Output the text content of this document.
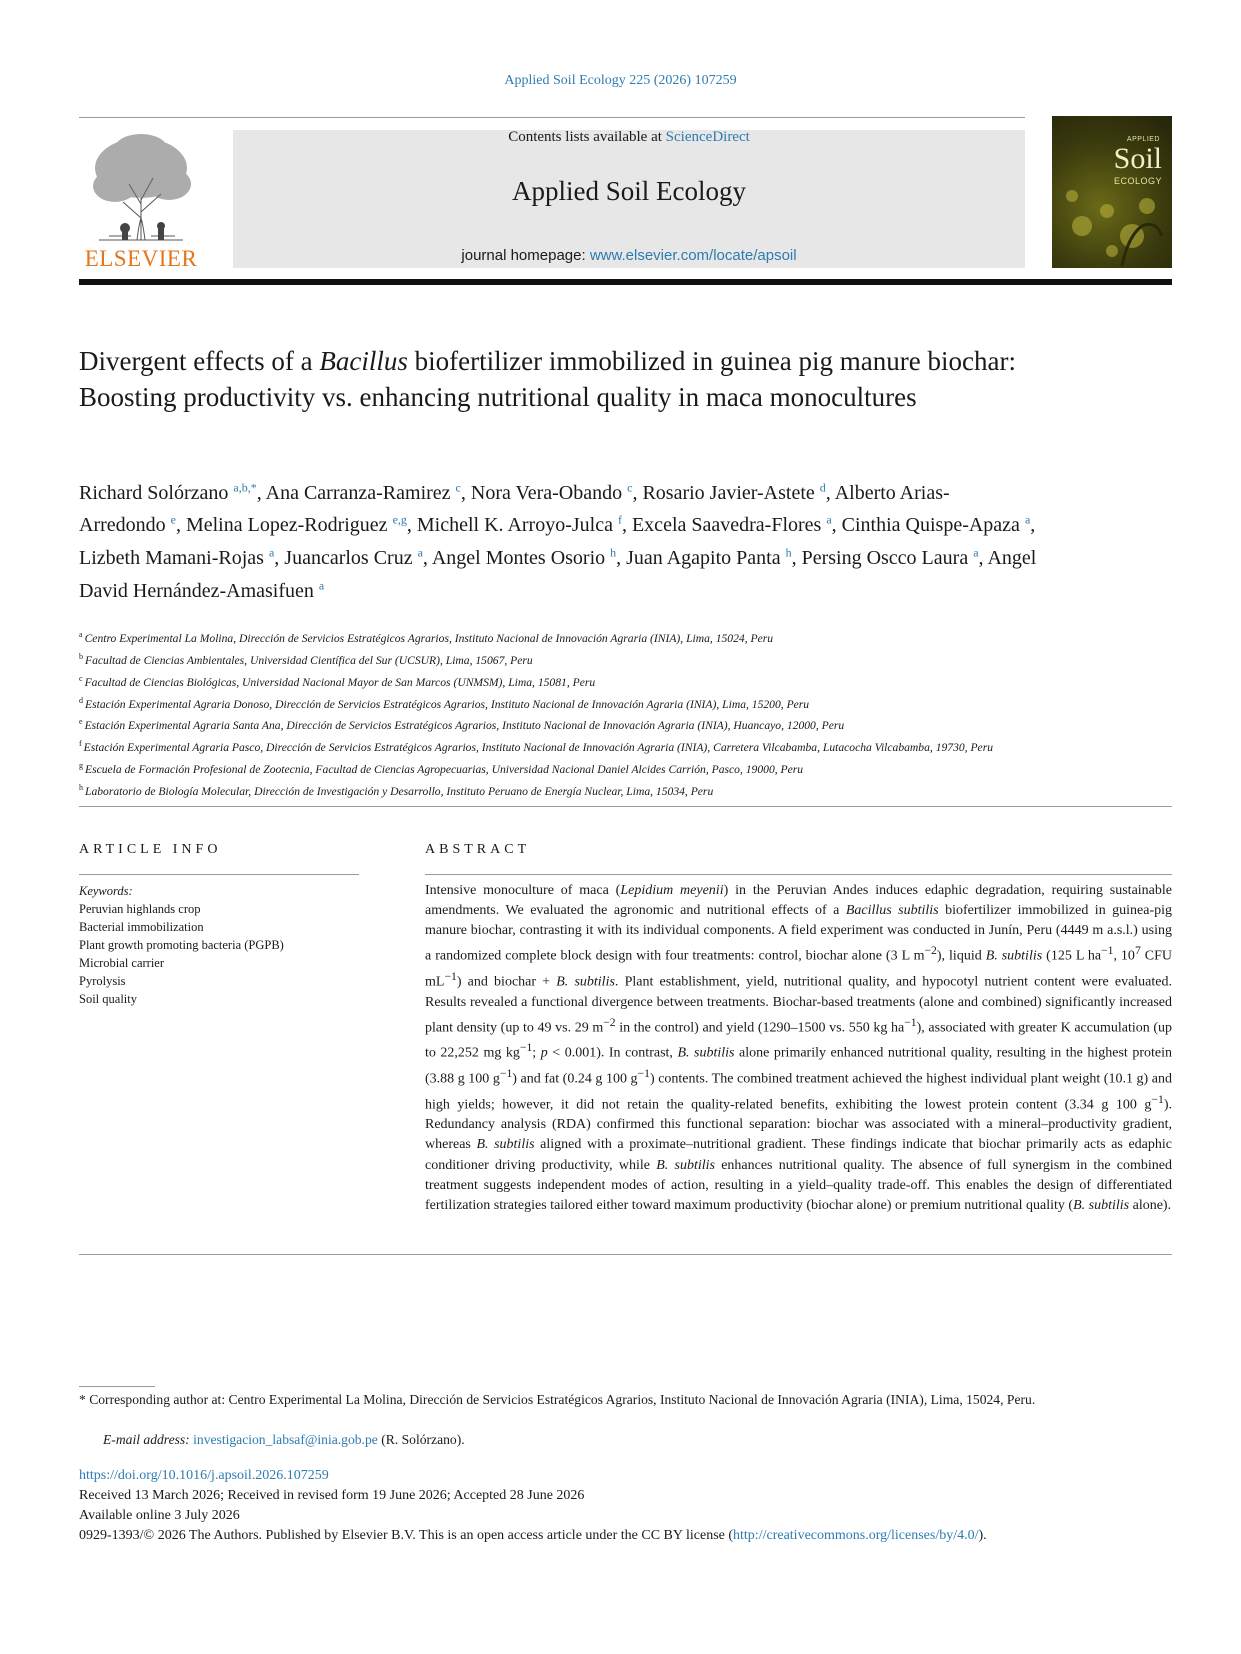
Applied Soil Ecology 225 (2026) 107259
ELSEVIER
Contents lists available at ScienceDirect
Applied Soil Ecology
journal homepage: www.elsevier.com/locate/apsoil
APPLIED
Soil
ECOLOGY
Divergent effects of a Bacillus biofertilizer immobilized in guinea pig manure biochar: Boosting productivity vs. enhancing nutritional quality in maca monocultures
Richard Solórzano $^{a,b,*}$, Ana Carranza-Ramirez $^c$, Nora Vera-Obando $^c$, Rosario Javier-Astete $^d$, Alberto Arias-Arredondo $^e$, Melina Lopez-Rodriguez $^{e,g}$, Michell K. Arroyo-Julca $^f$, Excela Saavedra-Flores $^a$, Cinthia Quispe-Apaza $^a$, Lizbeth Mamani-Rojas $^a$, Juancarlos Cruz $^a$, Angel Montes Osorio $^h$, Juan Agapito Panta $^h$, Persing Oscco Laura $^a$, Angel David Hernández-Amasifuen $^a$
$^a$ Centro Experimental La Molina, Dirección de Servicios Estratégicos Agrarios, Instituto Nacional de Innovación Agraria (INIA), Lima, 15024, Peru
$^b$ Facultad de Ciencias Ambientales, Universidad Científica del Sur (UCSUR), Lima, 15067, Peru
$^c$ Facultad de Ciencias Biológicas, Universidad Nacional Mayor de San Marcos (UNMSM), Lima, 15081, Peru
$^d$ Estación Experimental Agraria Donoso, Dirección de Servicios Estratégicos Agrarios, Instituto Nacional de Innovación Agraria (INIA), Lima, 15200, Peru
$^e$ Estación Experimental Agraria Santa Ana, Dirección de Servicios Estratégicos Agrarios, Instituto Nacional de Innovación Agraria (INIA), Huancayo, 12000, Peru
$^f$ Estación Experimental Agraria Pasco, Dirección de Servicios Estratégicos Agrarios, Instituto Nacional de Innovación Agraria (INIA), Carretera Vilcabamba, Lutacocha Vilcabamba, 19730, Peru
$^g$ Escuela de Formación Profesional de Zootecnia, Facultad de Ciencias Agropecuarias, Universidad Nacional Daniel Alcides Carrión, Pasco, 19000, Peru
$^h$ Laboratorio de Biología Molecular, Dirección de Investigación y Desarrollo, Instituto Peruano de Energía Nuclear, Lima, 15034, Peru
ARTICLE INFO	ABSTRACT
Keywords:
Peruvian highlands crop
Bacterial immobilization
Plant growth promoting bacteria (PGPB)
Microbial carrier
Pyrolysis
Soil quality
Intensive monoculture of maca (Lepidium meyenii) in the Peruvian Andes induces edaphic degradation, requiring sustainable amendments. We evaluated the agronomic and nutritional effects of a Bacillus subtilis biofertilizer immobilized in guinea-pig manure biochar, contrasting it with its individual components. A field experiment was conducted in Junín, Peru (4449 m a.s.l.) using a randomized complete block design with four treatments: control, biochar alone (3 L $m^{-2}$), liquid B. subtilis (125 L $ha^{-1}$, $10^7$ CFU $mL^{-1}$) and biochar + B. subtilis. Plant establishment, yield, nutritional quality, and hypocotyl nutrient content were evaluated. Results revealed a functional divergence between treatments. Biochar-based treatments (alone and combined) significantly increased plant density (up to 49 vs. 29 $m^{-2}$ in the control) and yield (1290–1500 vs. 550 kg $ha^{-1}$), associated with greater K accumulation (up to 22,252 mg $kg^{-1}$; p < 0.001). In contrast, B. subtilis alone primarily enhanced nutritional quality, resulting in the highest protein (3.88 g 100 $g^{-1}$) and fat (0.24 g 100 $g^{-1}$) contents. The combined treatment achieved the highest individual plant weight (10.1 g) and high yields; however, it did not retain the quality-related benefits, exhibiting the lowest protein content (3.34 g 100 $g^{-1}$). Redundancy analysis (RDA) confirmed this functional separation: biochar was associated with a mineral–productivity gradient, whereas B. subtilis aligned with a proximate–nutritional gradient. These findings indicate that biochar primarily acts as edaphic conditioner driving productivity, while B. subtilis enhances nutritional quality. The absence of full synergism in the combined treatment suggests independent modes of action, resulting in a yield–quality trade-off. This enables the design of differentiated fertilization strategies tailored either toward maximum productivity (biochar alone) or premium nutritional quality (B. subtilis alone).
* Corresponding author at: Centro Experimental La Molina, Dirección de Servicios Estratégicos Agrarios, Instituto Nacional de Innovación Agraria (INIA), Lima, 15024, Peru.
E-mail address: investigacion_labsaf@inia.gob.pe (R. Solórzano).
https://doi.org/10.1016/j.apsoil.2026.107259
Received 13 March 2026; Received in revised form 19 June 2026; Accepted 28 June 2026
Available online 3 July 2026
0929-1393/© 2026 The Authors. Published by Elsevier B.V. This is an open access article under the CC BY license (http://creativecommons.org/licenses/by/4.0/).
